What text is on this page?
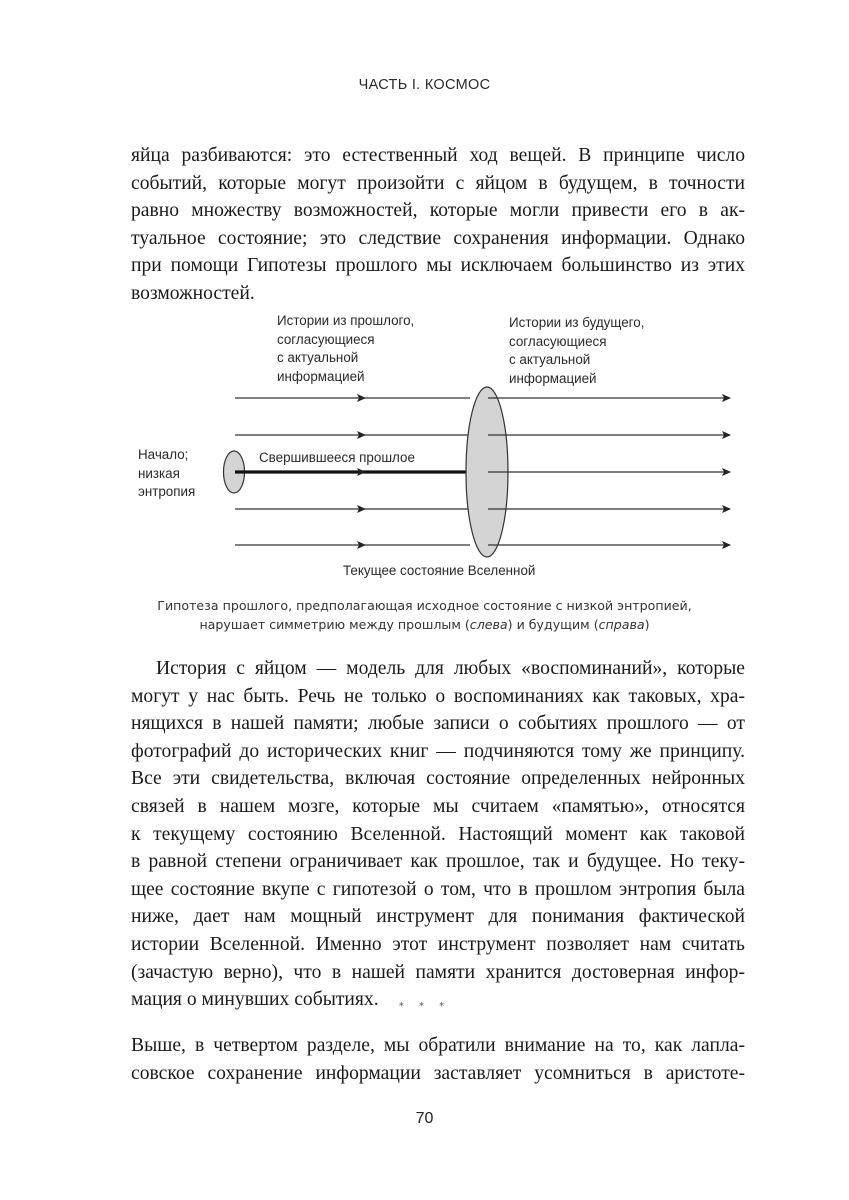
ЧАСТЬ I. КОСМОС
яйца разбиваются: это естественный ход вещей. В принципе число
событий, которые могут произойти с яйцом в будущем, в точности
равно множеству возможностей, которые могли привести его в ак-
туальное состояние; это следствие сохранения информации. Однако
при помощи Гипотезы прошлого мы исключаем большинство из этих
возможностей.
Истории из прошлого,
согласующиеся
с актуальной
информацией
Истории из будущего,
согласующиеся
с актуальной
информацией
Начало;
низкая
энтропия
Свершившееся прошлое
Текущее состояние Вселенной
Гипотеза прошлого, предполагающая исходное состояние с низкой энтропией,
нарушает симметрию между прошлым (слева) и будущим (справа)
История с яйцом — модель для любых «воспоминаний», которые
могут у нас быть. Речь не только о воспоминаниях как таковых, хра-
нящихся в нашей памяти; любые записи о событиях прошлого — от
фотографий до исторических книг — подчиняются тому же принципу.
Все эти свидетельства, включая состояние определенных нейронных
связей в нашем мозге, которые мы считаем «памятью», относятся
к текущему состоянию Вселенной. Настоящий момент как таковой
в равной степени ограничивает как прошлое, так и будущее. Но теку-
щее состояние вкупе с гипотезой о том, что в прошлом энтропия была
ниже, дает нам мощный инструмент для понимания фактической
истории Вселенной. Именно этот инструмент позволяет нам считать
(зачастую верно), что в нашей памяти хранится достоверная инфор-
мация о минувших событиях.	* * *
Выше, в четвертом разделе, мы обратили внимание на то, как лапла-
совское сохранение информации заставляет усомниться в аристоте-
70
